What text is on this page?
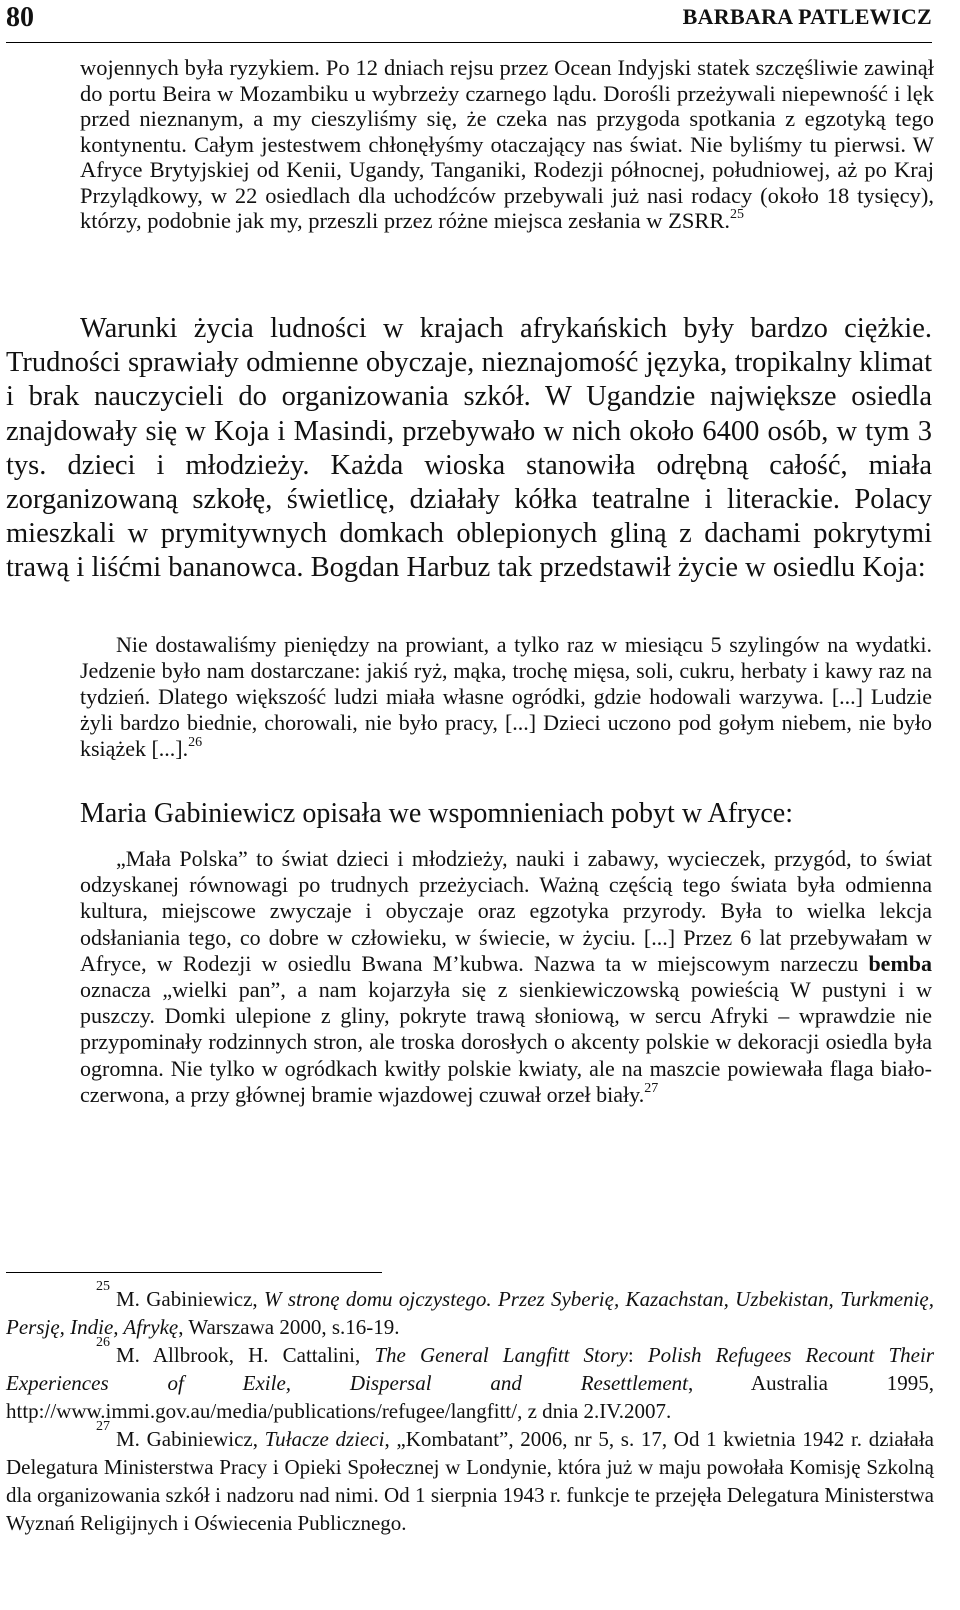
80	BARBARA PATLEWICZ

wojennych była ryzykiem. Po 12 dniach rejsu przez Ocean Indyjski statek szczęśliwie zawinął do portu Beira w Mozambiku u wybrzeży czarnego lądu. Dorośli przeżywali niepewność i lęk przed nieznanym, a my cieszyliśmy się, że czeka nas przygoda spotkania z egzotyką tego kontynentu. Całym jestestwem chłonęłyśmy otaczający nas świat. Nie byliśmy tu pierwsi. W Afryce Brytyjskiej od Kenii, Ugandy, Tanganiki, Rodezji północnej, południowej, aż po Kraj Przylądkowy, w 22 osiedlach dla uchodźców przebywali już nasi rodacy (około 18 tysięcy), którzy, podobnie jak my, przeszli przez różne miejsca zesłania w ZSRR.$^{25}$

Warunki życia ludności w krajach afrykańskich były bardzo ciężkie. Trudności sprawiały odmienne obyczaje, nieznajomość języka, tropikalny klimat i brak nauczycieli do organizowania szkół. W Ugandzie największe osiedla znajdowały się w Koja i Masindi, przebywało w nich około 6400 osób, w tym 3 tys. dzieci i młodzieży. Każda wioska stanowiła odrębną całość, miała zorganizowaną szkołę, świetlicę, działały kółka teatralne i literackie. Polacy mieszkali w prymitywnych domkach oblepionych gliną z dachami pokrytymi trawą i liśćmi bananowca. Bogdan Harbuz tak przedstawił życie w osiedlu Koja:

Nie dostawaliśmy pieniędzy na prowiant, a tylko raz w miesiącu 5 szylingów na wydatki. Jedzenie było nam dostarczane: jakiś ryż, mąka, trochę mięsa, soli, cukru, herbaty i kawy raz na tydzień. Dlatego większość ludzi miała własne ogródki, gdzie hodowali warzywa. [...] Ludzie żyli bardzo biednie, chorowali, nie było pracy, [...] Dzieci uczono pod gołym niebem, nie było książek [...].$^{26}$

Maria Gabiniewicz opisała we wspomnieniach pobyt w Afryce:

„Mała Polska” to świat dzieci i młodzieży, nauki i zabawy, wycieczek, przygód, to świat odzyskanej równowagi po trudnych przeżyciach. Ważną częścią tego świata była odmienna kultura, miejscowe zwyczaje i obyczaje oraz egzotyka przyrody. Była to wielka lekcja odsłaniania tego, co dobre w człowieku, w świecie, w życiu. [...] Przez 6 lat przebywałam w Afryce, w Rodezji w osiedlu Bwana M’kubwa. Nazwa ta w miejscowym narzeczu bemba oznacza „wielki pan”, a nam kojarzyła się z sienkiewiczowską powieścią W pustyni i w puszczy. Domki ulepione z gliny, pokryte trawą słoniową, w sercu Afryki – wprawdzie nie przypominały rodzinnych stron, ale troska dorosłych o akcenty polskie w dekoracji osiedla była ogromna. Nie tylko w ogródkach kwitły polskie kwiaty, ale na maszcie powiewała flaga biało-czerwona, a przy głównej bramie wjazdowej czuwał orzeł biały.$^{27}$

25M. Gabiniewicz, W stronę domu ojczystego. Przez Syberię, Kazachstan, Uzbekistan, Turkmenię, Persję, Indie, Afrykę, Warszawa 2000, s.16-19.

26M. Allbrook, H. Cattalini, The General Langfitt Story: Polish Refugees Recount Their Experiences of Exile, Dispersal and Resettlement, Australia 1995, http://www.immi.gov.au/media/publications/refugee/langfitt/, z dnia 2.IV.2007.

27M. Gabiniewicz, Tułacze dzieci, „Kombatant”, 2006, nr 5, s. 17, Od 1 kwietnia 1942 r. działała Delegatura Ministerstwa Pracy i Opieki Społecznej w Londynie, która już w maju powołała Komisję Szkolną dla organizowania szkół i nadzoru nad nimi. Od 1 sierpnia 1943 r. funkcje te przejęła Delegatura Ministerstwa Wyznań Religijnych i Oświecenia Publicznego.
